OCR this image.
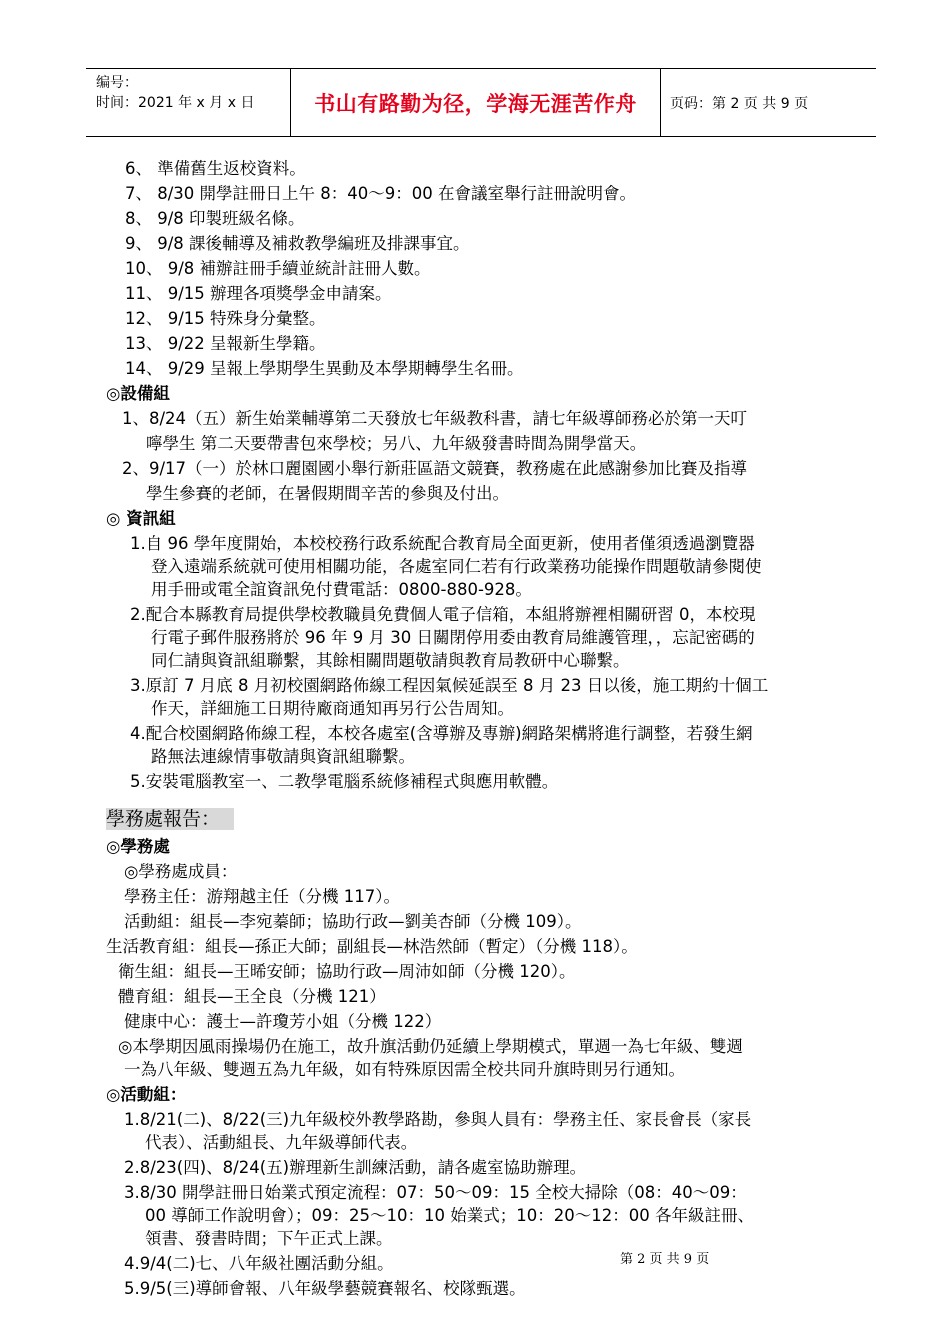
编号：
时间：2021 年 x 月 x 日	书山有路勤为径，学海无涯苦作舟	页码：第 2 页 共 9 页
6、 準備舊生返校資料。
7、 8/30 開學註冊日上午 8：40～9：00 在會議室舉行註冊說明會。
8、 9/8 印製班級名條。
9、 9/8 課後輔導及補救教學編班及排課事宜。
10、 9/8 補辦註冊手續並統計註冊人數。
11、 9/15 辦理各項獎學金申請案。
12、 9/15 特殊身分彙整。
13、 9/22 呈報新生學籍。
14、 9/29 呈報上學期學生異動及本學期轉學生名冊。
◎設備組
1、8/24（五）新生始業輔導第二天發放七年級教科書，請七年級導師務必於第一天叮
嚀學生 第二天要帶書包來學校；另八、九年級發書時間為開學當天。
2、9/17（一）於林口麗園國小舉行新莊區語文競賽，教務處在此感謝參加比賽及指導
學生參賽的老師，在暑假期間辛苦的參與及付出。
◎ 資訊組
1.自 96 學年度開始，本校校務行政系統配合教育局全面更新，使用者僅須透過瀏覽器
登入遠端系統就可使用相關功能，各處室同仁若有行政業務功能操作問題敬請參閱使
用手冊或電全誼資訊免付費電話：0800-880-928。
2.配合本縣教育局提供學校教職員免費個人電子信箱，本組將辦裡相關研習 0，本校現
行電子郵件服務將於 96 年 9 月 30 日關閉停用委由教育局維護管理，，忘記密碼的
同仁請與資訊組聯繫，其餘相關問題敬請與教育局教研中心聯繫。
3.原訂 7 月底 8 月初校園網路佈線工程因氣候延誤至 8 月 23 日以後，施工期約十個工
作天，詳細施工日期待廠商通知再另行公告周知。
4.配合校園網路佈線工程，本校各處室(含導辦及專辦)網路架構將進行調整，若發生網
路無法連線情事敬請與資訊組聯繫。
5.安裝電腦教室一、二教學電腦系統修補程式與應用軟體。
學務處報告：
◎學務處
◎學務處成員：
學務主任：游翔越主任（分機 117）。
活動組：組長—李宛蓁師；協助行政—劉美杏師（分機 109）。
生活教育組：組長—孫正大師；副組長—林浩然師（暫定）（分機 118）。
衛生組：組長—王晞安師；協助行政—周沛如師（分機 120）。
體育組：組長—王全良（分機 121）
健康中心：護士—許瓊芳小姐（分機 122）
◎本學期因風雨操場仍在施工，故升旗活動仍延續上學期模式，單週一為七年級、雙週
一為八年級、雙週五為九年級，如有特殊原因需全校共同升旗時則另行通知。
◎活動組：
1.8/21(二)、8/22(三)九年級校外教學路勘，參與人員有：學務主任、家長會長（家長
代表）、活動組長、九年級導師代表。
2.8/23(四)、8/24(五)辦理新生訓練活動，請各處室協助辦理。
3.8/30 開學註冊日始業式預定流程：07：50～09：15 全校大掃除（08：40～09：
00 導師工作說明會）；09：25～10：10 始業式；10：20～12：00 各年級註冊、
領書、發書時間；下午正式上課。
4.9/4(二)七、八年級社團活動分組。
5.9/5(三)導師會報、八年級學藝競賽報名、校隊甄選。
第 2 页 共 9 页
